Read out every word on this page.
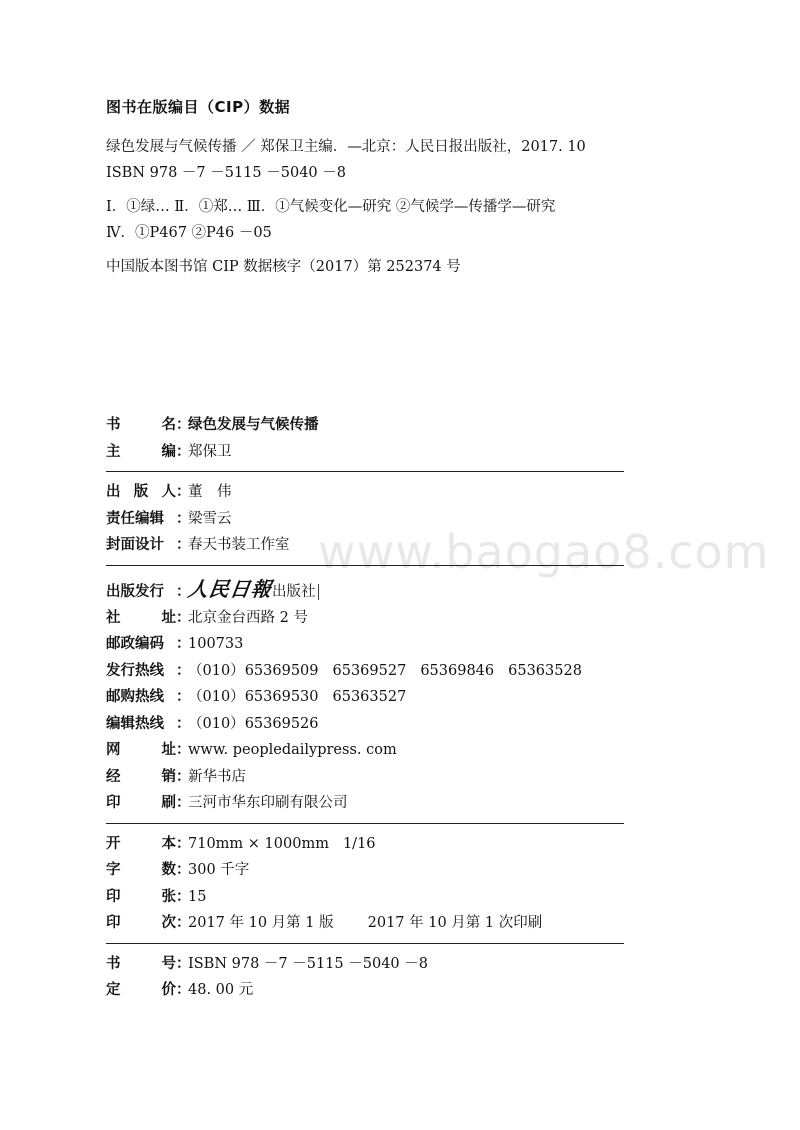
图书在版编目（CIP）数据
绿色发展与气候传播 ／ 郑保卫主编．—北京：人民日报出版社，2017. 10
ISBN 978 －7 －5115 －5040 －8
Ⅰ．①绿… Ⅱ．①郑… Ⅲ．①气候变化—研究 ②气候学—传播学—研究
Ⅳ．①P467 ②P46 －05
中国版本图书馆 CIP 数据核字（2017）第 252374 号
www.baogao8.com
书	名 ：
绿色发展与气候传播
主	编 ：
郑保卫
出 版 人 ：
董　伟
责任编辑 ：
梁雪云
封面设计 ：
春天书装工作室
出版发行 ：
人民日報出版社
社	址 ：
北京金台西路 2 号
邮政编码 ：
100733
发行热线 ：
（010）65369509 65369527 65369846 65363528
邮购热线 ：
（010）65369530 65363527
编辑热线 ：
（010）65369526
网	址 ：
www. peopledailypress. com
经	销 ：
新华书店
印	刷 ：
三河市华东印刷有限公司
开	本 ：
710mm × 1000mm 1/16
字	数 ：
300 千字
印	张 ：
15
印	次 ：
2017 年 10 月第 1 版 2017 年 10 月第 1 次印刷
书	号 ：
ISBN 978 －7 －5115 －5040 －8
定	价 ：
48. 00 元
